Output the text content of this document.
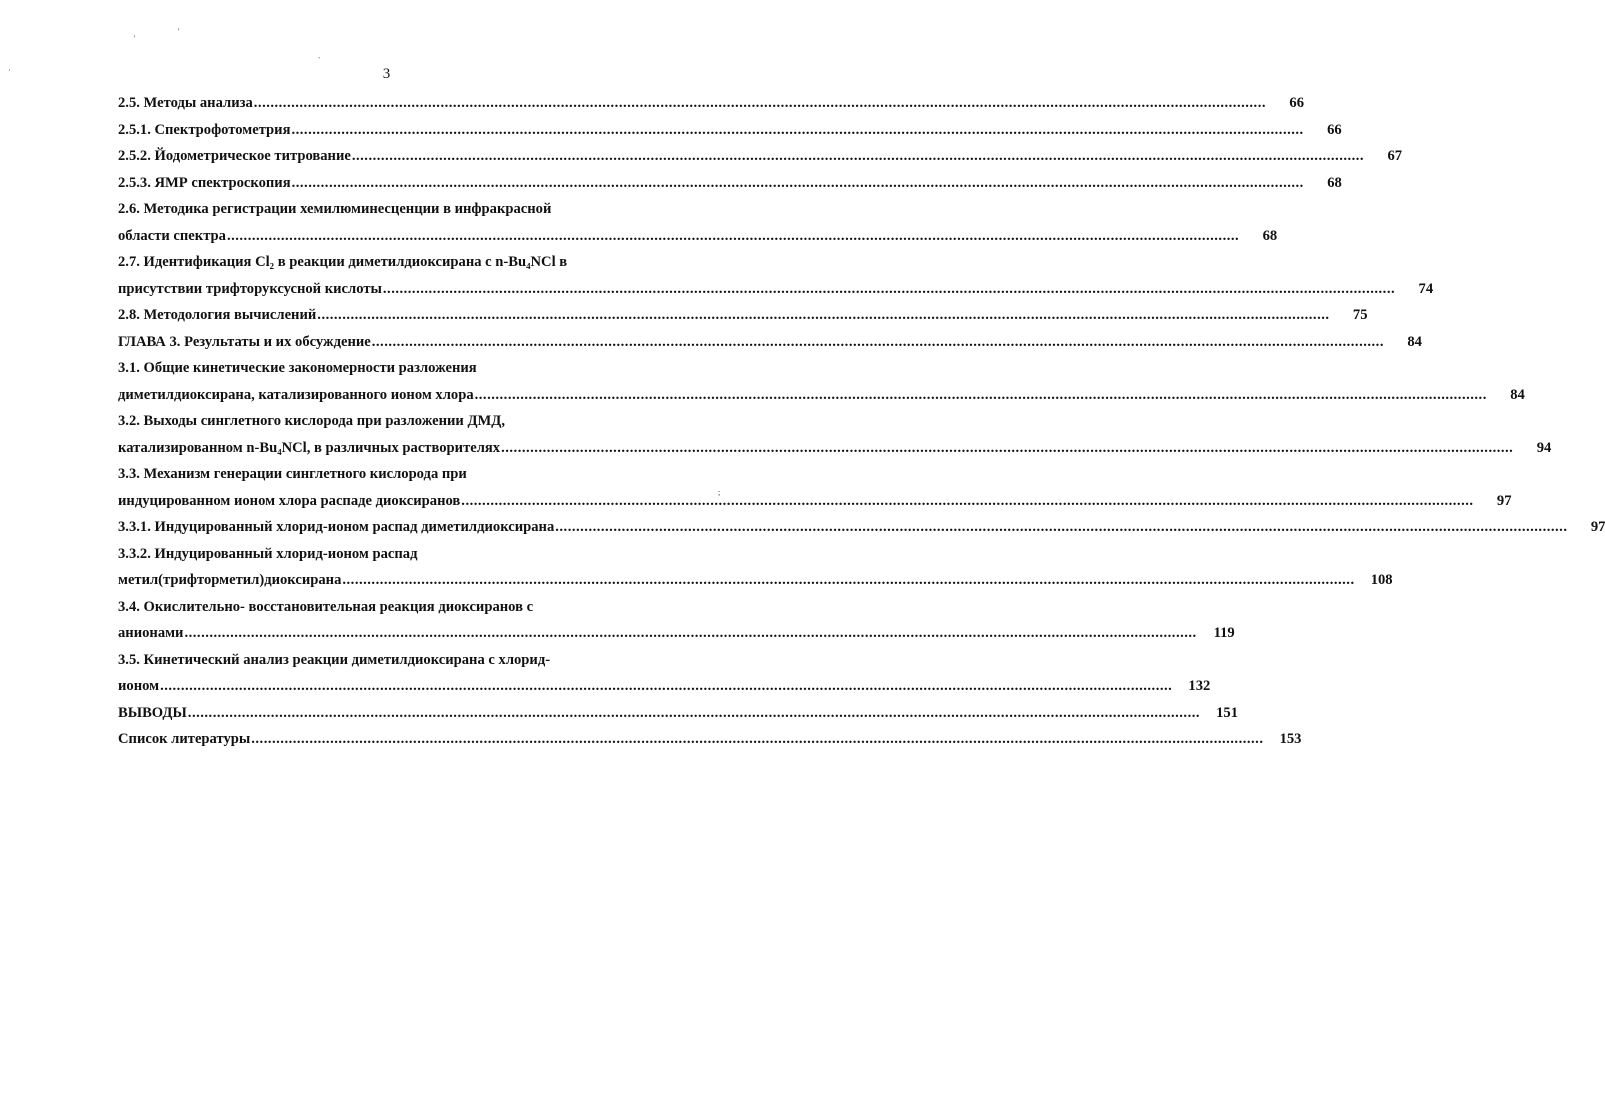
'
'
·
`
;
3
2.5. Методы анализа .....	66
2.5.1. Спектрофотометрия .....	66
2.5.2. Йодометрическое титрование .....	67
2.5.3. ЯМР спектроскопия .....	68
2.6. Методика регистрации хемилюминесценции в инфракрасной
области спектра .....	68
2.7. Идентификация Cl₂ в реакции диметилдиоксирана с n-Bu₄NCl в
присутствии трифторуксусной кислоты .....	74
2.8. Методология вычислений .....	75
ГЛАВА 3. Результаты и их обсуждение .....	84
3.1. Общие кинетические закономерности разложения
диметилдиоксирана, катализированного ионом хлора .....	84
3.2. Выходы синглетного кислорода при разложении ДМД,
катализированном n-Bu₄NCl, в различных растворителях .....	94
3.3. Механизм генерации синглетного кислорода при
индуцированном ионом хлора распаде диоксиранов .....	97
3.3.1. Индуцированный хлорид-ионом распад диметилдиоксирана .....	97
3.3.2. Индуцированный хлорид-ионом распад
метил(трифторметил)диоксирана .....	108
3.4. Окислительно- восстановительная реакция диоксиранов с
анионами .....	119
3.5. Кинетический анализ реакции диметилдиоксирана с хлорид-
ионом .....	132
ВЫВОДЫ .....	151
Список литературы .....	153
